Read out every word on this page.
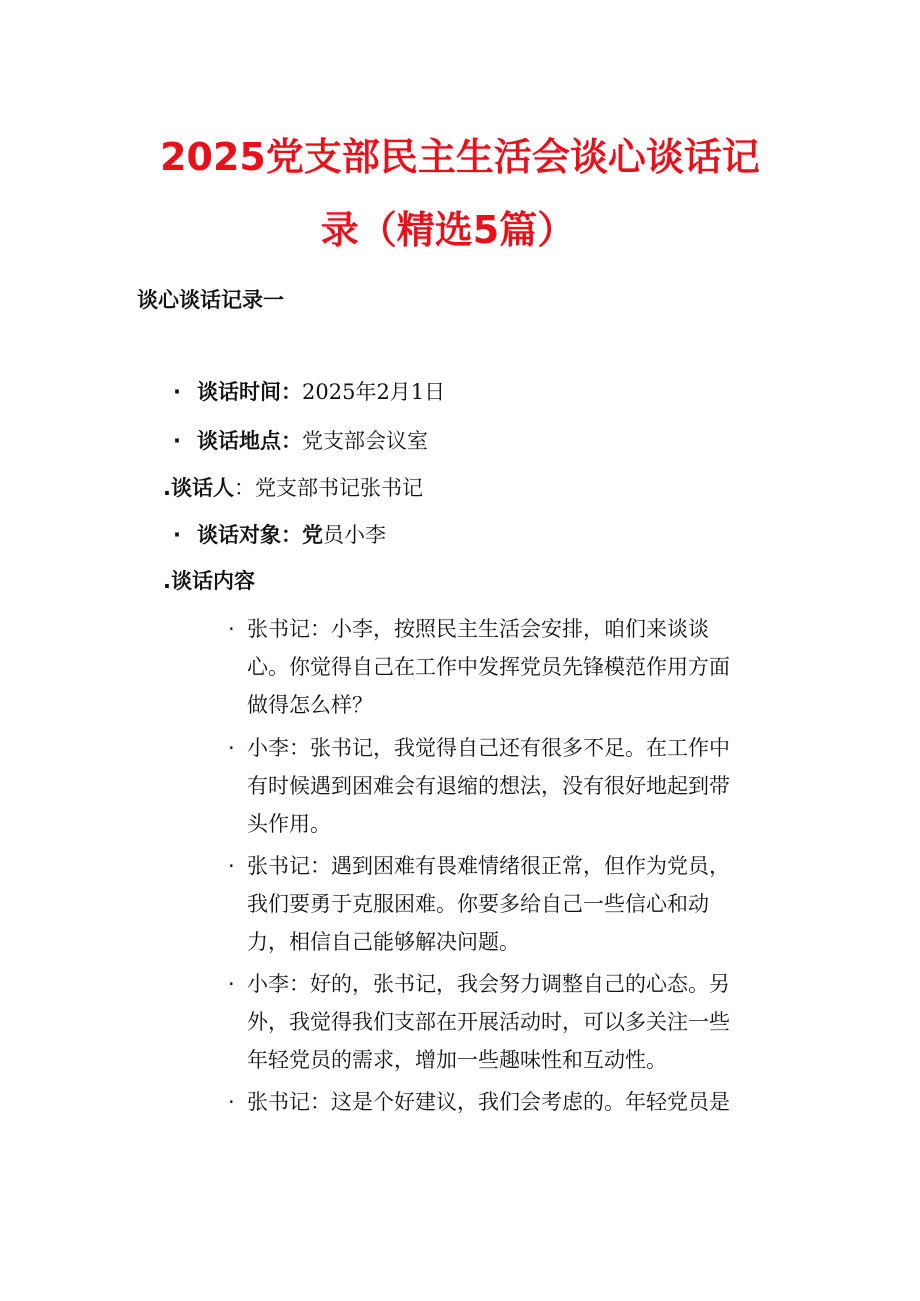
2025党支部民主生活会谈心谈话记
录（精选5篇）
谈心谈话记录一
· 谈话时间：2025年2月1日
· 谈话地点：党支部会议室
.谈话人：党支部书记张书记
· 谈话对象：党员小李
.谈话内容
· 张书记：小李，按照民主生活会安排，咱们来谈谈
心。你觉得自己在工作中发挥党员先锋模范作用方面
做得怎么样？
· 小李：张书记，我觉得自己还有很多不足。在工作中
有时候遇到困难会有退缩的想法，没有很好地起到带
头作用。
· 张书记：遇到困难有畏难情绪很正常，但作为党员，
我们要勇于克服困难。你要多给自己一些信心和动
力，相信自己能够解决问题。
· 小李：好的，张书记，我会努力调整自己的心态。另
外，我觉得我们支部在开展活动时，可以多关注一些
年轻党员的需求，增加一些趣味性和互动性。
· 张书记：这是个好建议，我们会考虑的。年轻党员是
